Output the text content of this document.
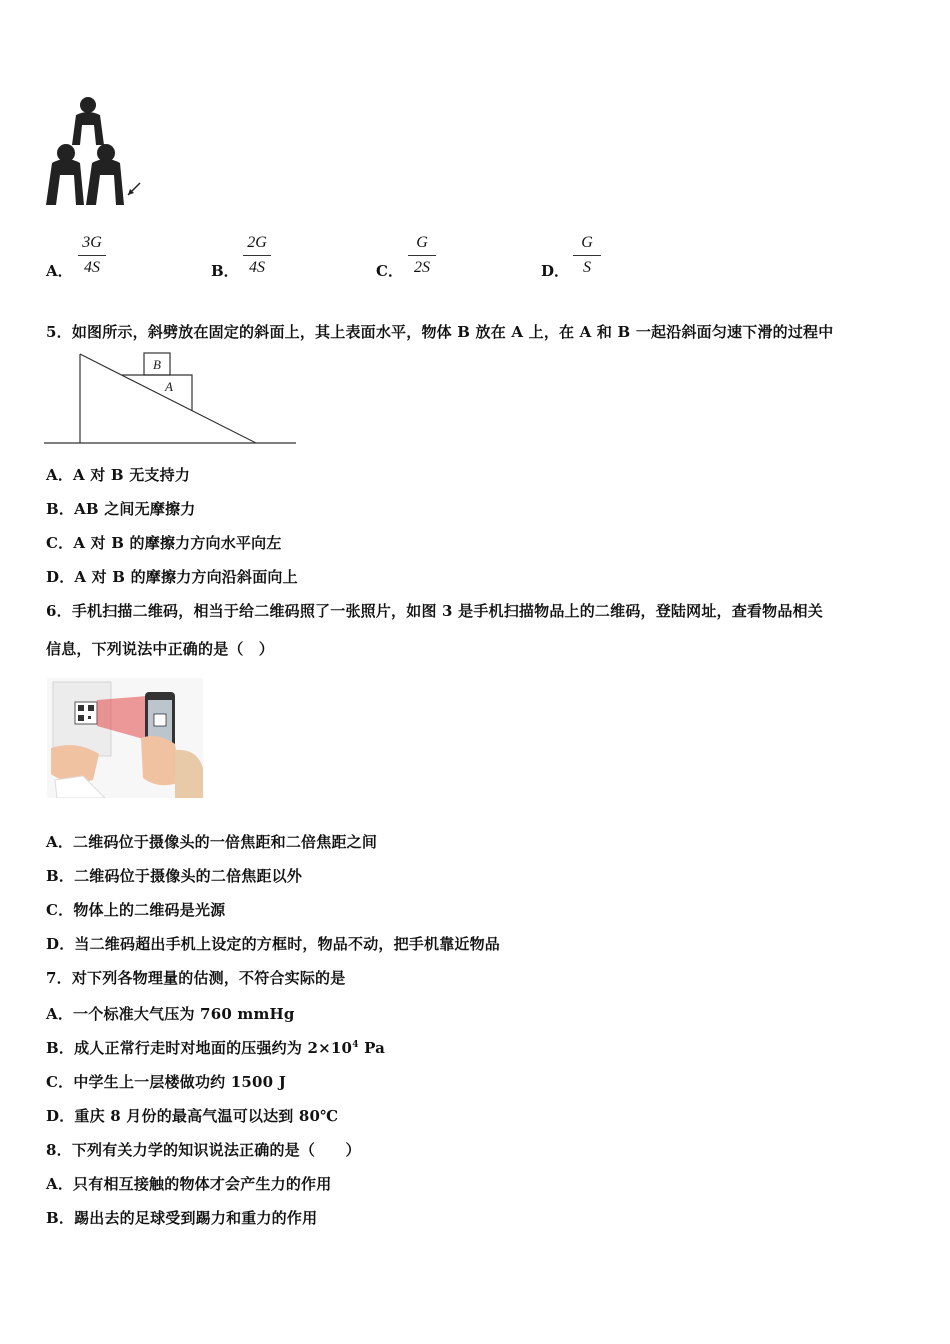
A． $\frac{3G}{4S}$	B． $\frac{2G}{4S}$	C． $\frac{G}{2S}$	D． $\frac{G}{S}$
5．如图所示，斜劈放在固定的斜面上，其上表面水平，物体 B 放在 A 上，在 A 和 B 一起沿斜面匀速下滑的过程中
B
A
A．A 对 B 无支持力
B．AB 之间无摩擦力
C．A 对 B 的摩擦力方向水平向左
D．A 对 B 的摩擦力方向沿斜面向上
6．手机扫描二维码，相当于给二维码照了一张照片，如图 3 是手机扫描物品上的二维码，登陆网址，查看物品相关
信息，下列说法中正确的是（　）
A．二维码位于摄像头的一倍焦距和二倍焦距之间
B．二维码位于摄像头的二倍焦距以外
C．物体上的二维码是光源
D．当二维码超出手机上设定的方框时，物品不动，把手机靠近物品
7．对下列各物理量的估测，不符合实际的是
A．一个标准大气压为 760 mmHg
B．成人正常行走时对地面的压强约为 $2\times 10^4$ Pa
C．中学生上一层楼做功约 1500 J
D．重庆 8 月份的最高气温可以达到 80℃
8．下列有关力学的知识说法正确的是（　　）
A．只有相互接触的物体才会产生力的作用
B．踢出去的足球受到踢力和重力的作用
